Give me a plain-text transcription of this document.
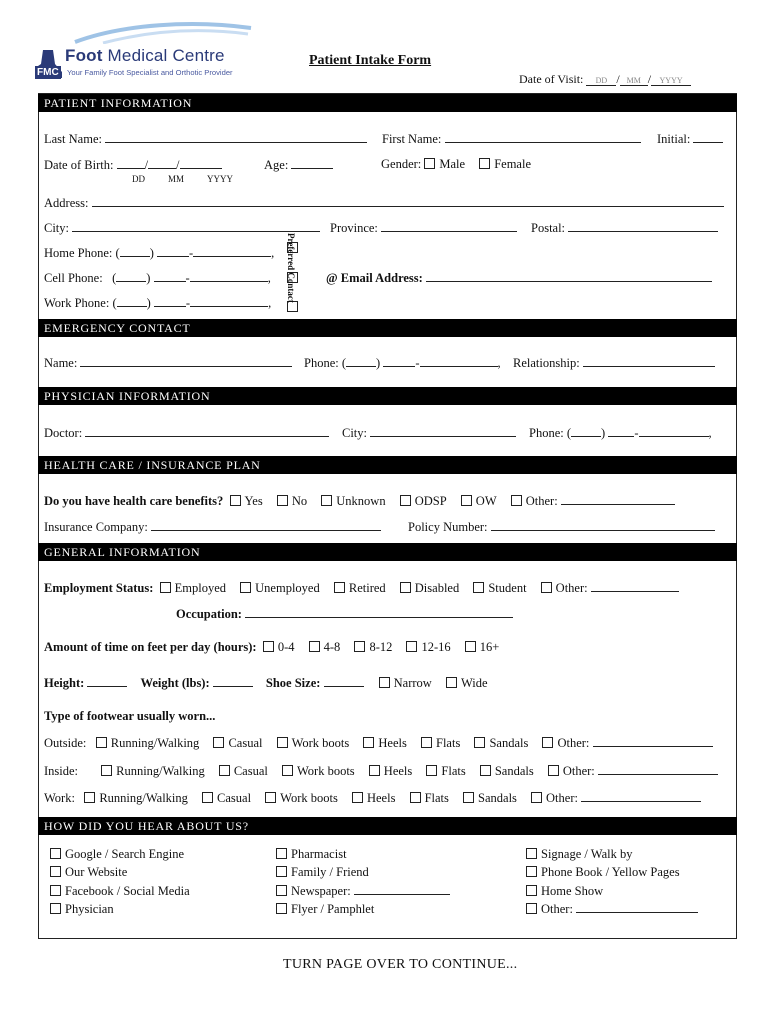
FMC
Foot Medical Centre
Your Family Foot Specialist and Orthotic Provider
Patient Intake Form
Date of Visit: DD / MM / YYYY
PATIENT INFORMATION
Last Name:	First Name:	Initial:
Date of Birth: / /
DD	MM	YYYY
Age:	Gender: Male Female
Address:
City:	Province:	Postal:
Home Phone: ( )	-	,
Cell Phone:   ( )	-	,
Work Phone: ( )	-	,
Preferred Contact @ Email Address:
EMERGENCY CONTACT
Name:	Phone: ( )	-	, Relationship:
PHYSICIAN INFORMATION
Doctor:	City:	Phone: ( ) -	,
HEALTH CARE / INSURANCE PLAN
Do you have health care benefits? Yes No Unknown ODSP OW Other:
Insurance Company:	Policy Number:
GENERAL INFORMATION
Employment Status: Employed Unemployed Retired Disabled Student Other:
Occupation:
Amount of time on feet per day (hours): 0-4 4-8 8-12 12-16 16+
Height:	Weight (lbs):	Shoe Size:	Narrow Wide
Type of footwear usually worn...
Outside: Running/Walking Casual Work boots Heels Flats Sandals Other:
Inside:	Running/Walking Casual Work boots Heels Flats Sandals Other:
Work: Running/Walking Casual Work boots Heels Flats Sandals Other:
HOW DID YOU HEAR ABOUT US?
Google / Search Engine
Our Website
Facebook / Social Media
Physician
Pharmacist
Family / Friend
Newspaper:
Flyer / Pamphlet
Signage / Walk by
Phone Book / Yellow Pages
Home Show
Other:
TURN PAGE OVER TO CONTINUE...
